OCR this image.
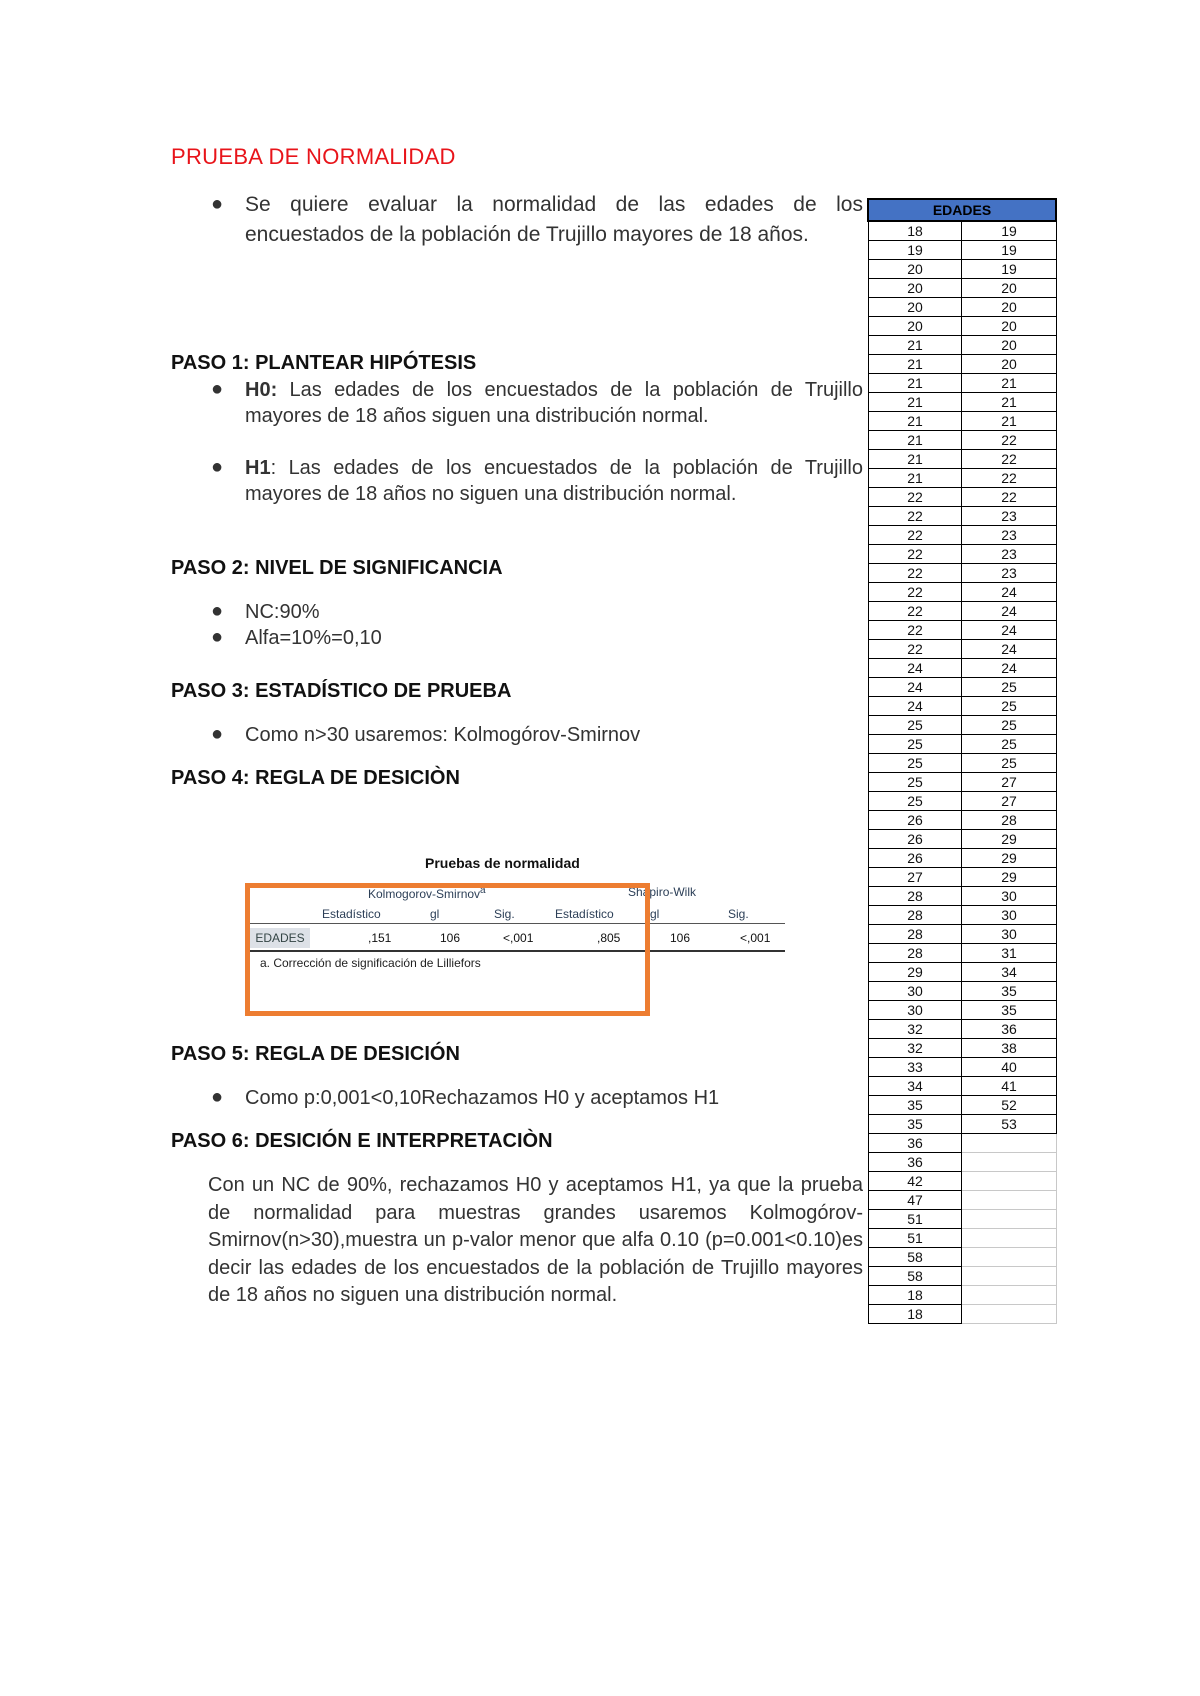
PRUEBA DE NORMALIDAD
● Se quiere evaluar la normalidad de las edades de los encuestados de la población de Trujillo mayores de 18 años.
PASO 1: PLANTEAR HIPÓTESIS
● H0: Las edades de los encuestados de la población de Trujillo mayores de 18 años siguen una distribución normal.
● H1: Las edades de los encuestados de la población de Trujillo mayores de 18 años no siguen una distribución normal.
PASO 2: NIVEL DE SIGNIFICANCIA
● NC:90%
● Alfa=10%=0,10
PASO 3: ESTADÍSTICO DE PRUEBA
● Como n>30 usaremos: Kolmogórov-Smirnov
PASO 4: REGLA DE DESICIÒN
Pruebas de normalidad
Kolmogorov-Smirnov$^a$	Shapiro-Wilk
Estadístico	gl	Sig.	Estadístico	gl	Sig.
EDADES	,151	106	<,001	,805	106	<,001
a. Corrección de significación de Lilliefors
PASO 5: REGLA DE DESICIÓN
● Como p:0,001<0,10Rechazamos H0 y aceptamos H1
PASO 6: DESICIÓN E INTERPRETACIÒN
Con un NC de 90%, rechazamos H0 y aceptamos H1, ya que la prueba de normalidad para muestras grandes usaremos Kolmogórov-Smirnov(n>30),muestra un p-valor menor que alfa 0.10 (p=0.001<0.10)es decir las edades de los encuestados de la población de Trujillo mayores de 18 años no siguen una distribución normal.
EDADES	
18	19
19	19
20	19
20	20
20	20
20	20
21	20
21	20
21	21
21	21
21	21
21	22
21	22
21	22
22	22
22	23
22	23
22	23
22	23
22	24
22	24
22	24
22	24
24	24
24	25
24	25
25	25
25	25
25	25
25	27
25	27
26	28
26	29
26	29
27	29
28	30
28	30
28	30
28	31
29	34
30	35
30	35
32	36
32	38
33	40
34	41
35	52
35	53
36	
36	
42	
47	
51	
51	
58	
58	
18	
18	
